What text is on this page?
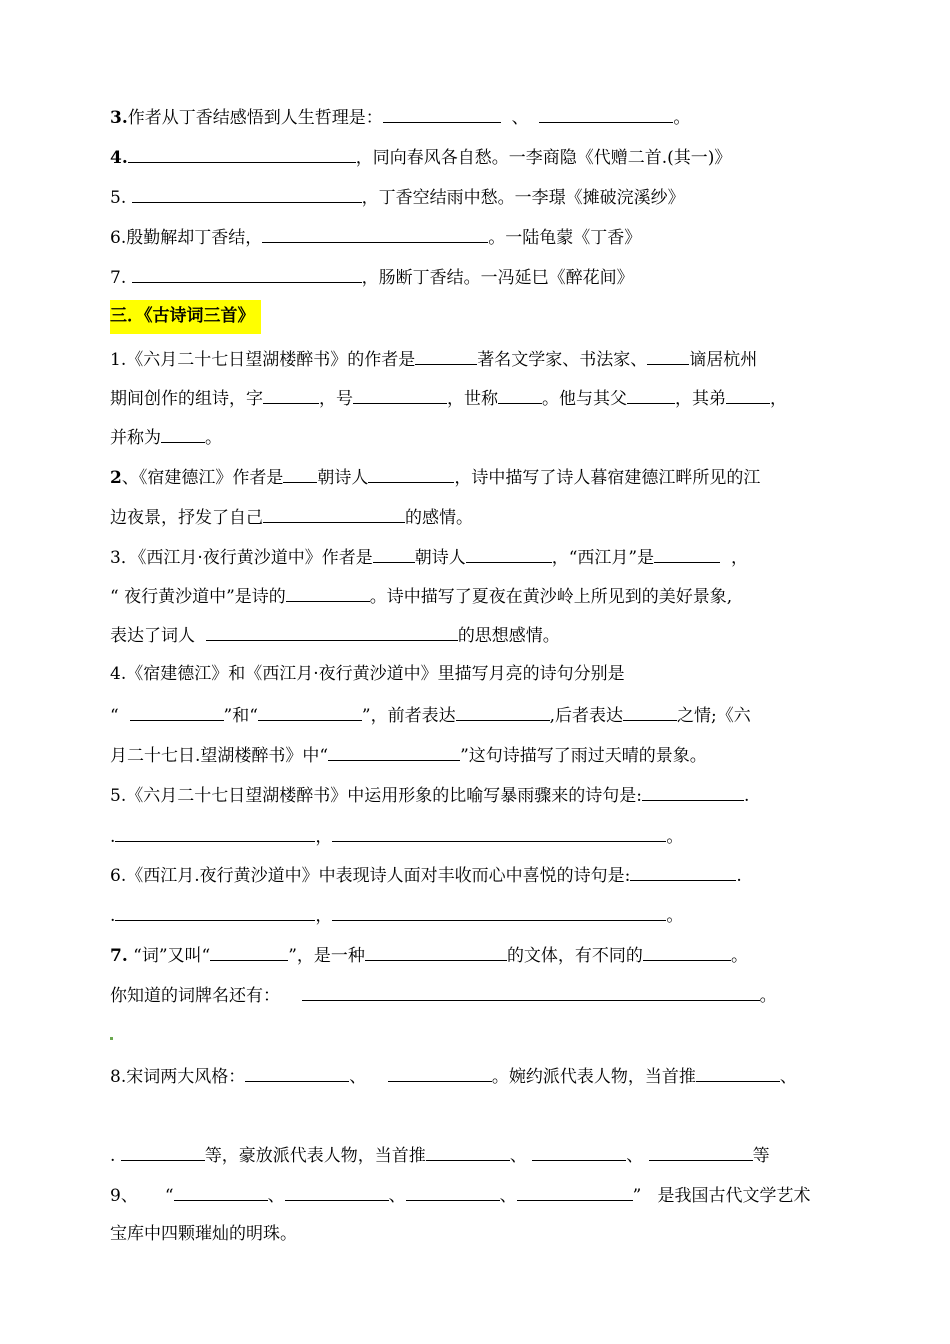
3.作者从丁香结感悟到人生哲理是：	、	。
4.	，同向春风各自愁。一李商隐《代赠二首.(其一)》
5.	，丁香空结雨中愁。一李璟《摊破浣溪纱》
6.殷勤解却丁香结，	。一陆龟蒙《丁香》
7.	，肠断丁香结。一冯延巳《醉花间》
三．《古诗词三首》
1.《六月二十七日望湖楼醉书》的作者是	著名文学家、书法家、 谪居杭州
期间创作的组诗，字	，号	，世称	。他与其父	，其弟	，
并称为	。
2、《宿建德江》作者是 朝诗人	，诗中描写了诗人暮宿建德江畔所见的江
边夜景，抒发了自己	的感情。
3．《西江月·夜行黄沙道中》作者是 朝诗人	，“西江月”是	，
“ 夜行黄沙道中”是诗的	。诗中描写了夏夜在黄沙岭上所见到的美好景象,
表达了词人	的思想感情。
4.《宿建德江》和《西江月·夜行黄沙道中》里描写月亮的诗句分别是
“	”和“	”，前者表达	,后者表达	之情;《六
月二十七日.望湖楼醉书》中“	”这句诗描写了雨过天晴的景象。
5.《六月二十七日望湖楼醉书》中运用形象的比喻写暴雨骤来的诗句是:	.
.	，	。
6.《西江月.夜行黄沙道中》中表现诗人面对丰收而心中喜悦的诗句是:	.
.	，	。
7. “词”又叫“	”，是一种	的文体，有不同的	。
你知道的词牌名还有：	。
8.宋词两大风格：	、	。婉约派代表人物，当首推	、
.	等，豪放派代表人物，当首推	、	、	等
9、 “	、	、	、	” 是我国古代文学艺术
宝库中四颗璀灿的明珠。
